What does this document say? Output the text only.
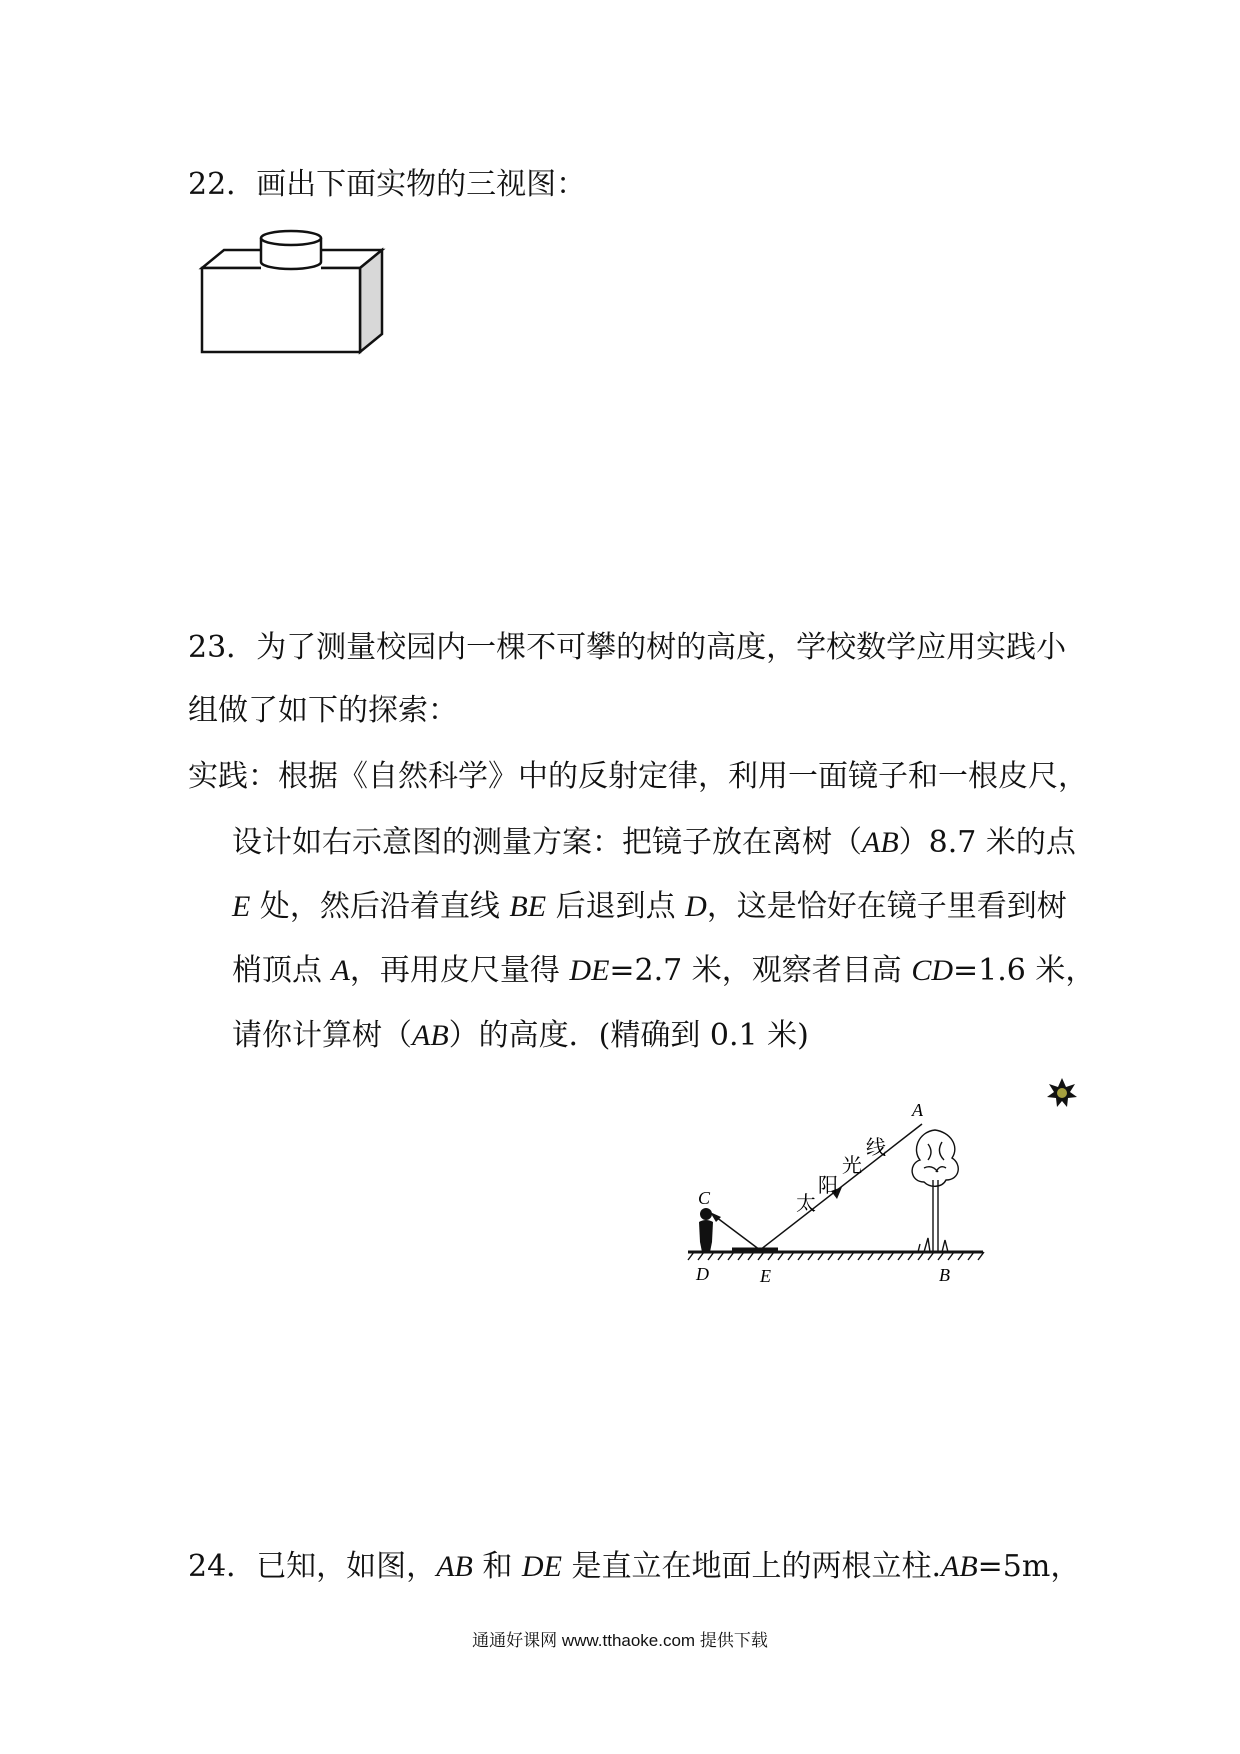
22．画出下面实物的三视图：
23．为了测量校园内一棵不可攀的树的高度，学校数学应用实践小
组做了如下的探索：
实践：根据《自然科学》中的反射定律，利用一面镜子和一根皮尺，
设计如右示意图的测量方案：把镜子放在离树（AB）8.7 米的点
E 处，然后沿着直线 BE 后退到点 D，这是恰好在镜子里看到树
梢顶点 A，再用皮尺量得 DE=2.7 米，观察者目高 CD=1.6 米，
请你计算树（AB）的高度．(精确到 0.1 米)
A
B
C
D	E
太
阳
光
线
24．已知，如图，AB 和 DE 是直立在地面上的两根立柱.AB=5m，
通通好课网 www.tthaoke.com 提供下载
